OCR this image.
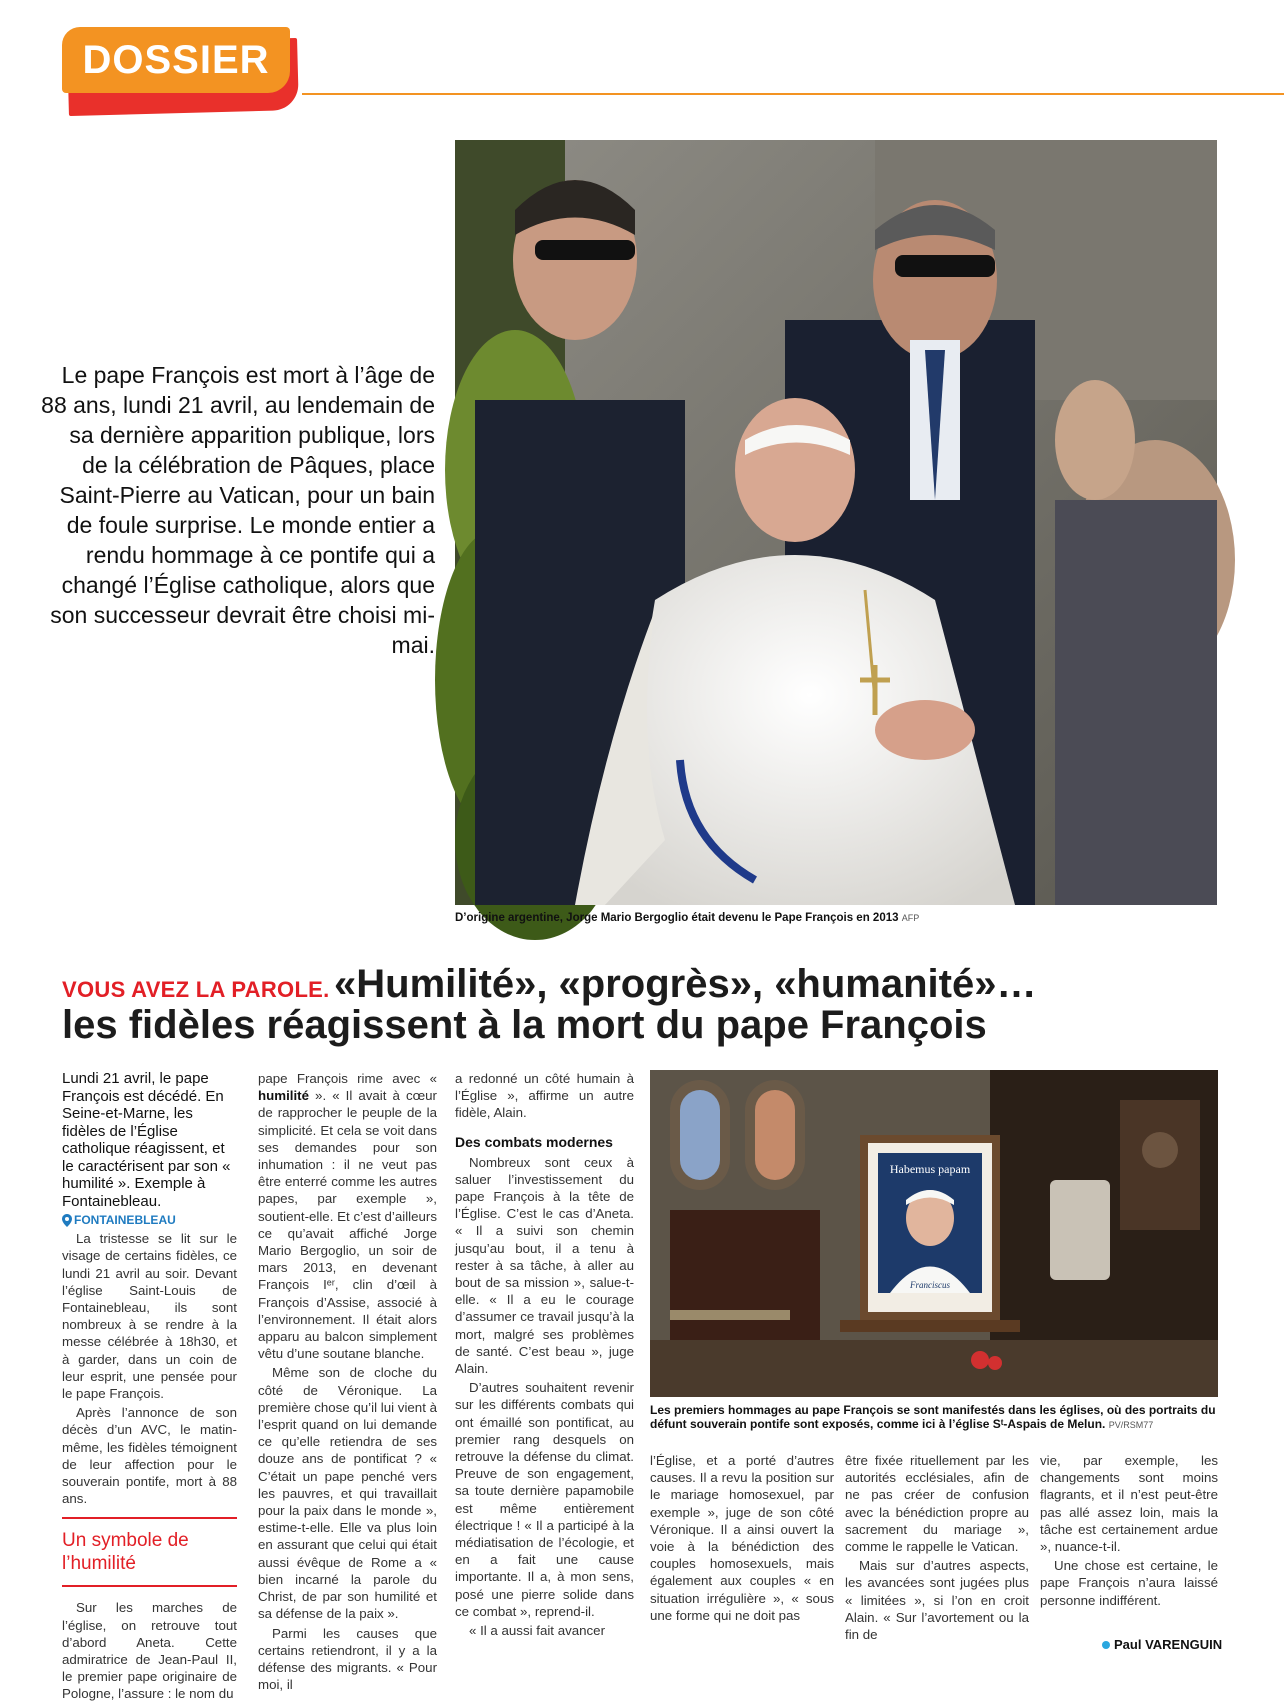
DOSSIER
Le pape François est mort à l’âge de 88 ans, lundi 21 avril, au lendemain de sa dernière apparition publique, lors de la célébration de Pâques, place Saint-Pierre au Vatican, pour un bain de foule surprise. Le monde entier a rendu hommage à ce pontife qui a changé l’Église catholique, alors que son successeur devrait être choisi mi-mai.
D’origine argentine, Jorge Mario Bergoglio était devenu le Pape François en 2013 AFP
VOUS AVEZ LA PAROLE. «Humilité», «progrès», «humanité»…
les fidèles réagissent à la mort du pape François

Lundi 21 avril, le pape François est décédé. En Seine-et-Marne, les fidèles de l’Église catholique réagissent, et le caractérisent par son « humilité ». Exemple à Fontainebleau.

FONTAINEBLEAU

La tristesse se lit sur le visage de certains fidèles, ce lundi 21 avril au soir. Devant l’église Saint-Louis de Fontainebleau, ils sont nombreux à se rendre à la messe célébrée à 18h30, et à garder, dans un coin de leur esprit, une pensée pour le pape François.

Après l’annonce de son décès d’un AVC, le matin-même, les fidèles témoignent de leur affection pour le souverain pontife, mort à 88 ans.

Un symbole de l’humilité

Sur les marches de l’église, on retrouve tout d’abord Aneta. Cette admiratrice de Jean-Paul II, le premier pape originaire de Pologne, l’assure : le nom du

pape François rime avec « humilité ». « Il avait à cœur de rapprocher le peuple de la simplicité. Et cela se voit dans ses demandes pour son inhumation : il ne veut pas être enterré comme les autres papes, par exemple », soutient-elle. Et c’est d’ailleurs ce qu’avait affiché Jorge Mario Bergoglio, un soir de mars 2013, en devenant François Iᵉʳ, clin d’œil à François d’Assise, associé à l’environnement. Il était alors apparu au balcon simplement vêtu d’une soutane blanche.

Même son de cloche du côté de Véronique. La première chose qu’il lui vient à l’esprit quand on lui demande ce qu’elle retiendra de ses douze ans de pontificat ? « C’était un pape penché vers les pauvres, et qui travaillait pour la paix dans le monde », estime-t-elle. Elle va plus loin en assurant que celui qui était aussi évêque de Rome a « bien incarné la parole du Christ, de par son humilité et sa défense de la paix ».

Parmi les causes que certains retiendront, il y a la défense des migrants. « Pour moi, il

a redonné un côté humain à l’Église », affirme un autre fidèle, Alain.

Des combats modernes

Nombreux sont ceux à saluer l’investissement du pape François à la tête de l’Église. C’est le cas d’Aneta. « Il a suivi son chemin jusqu’au bout, il a tenu à rester à sa tâche, à aller au bout de sa mission », salue-t-elle. « Il a eu le courage d’assumer ce travail jusqu’à la mort, malgré ses problèmes de santé. C’est beau », juge Alain.

D’autres souhaitent revenir sur les différents combats qui ont émaillé son pontificat, au premier rang desquels on retrouve la défense du climat. Preuve de son engagement, sa toute dernière papamobile est même entièrement électrique ! « Il a participé à la médiatisation de l’écologie, et en a fait une cause importante. Il a, à mon sens, posé une pierre solide dans ce combat », reprend-il.

« Il a aussi fait avancer

Habemus papam
Franciscus
Les premiers hommages au pape François se sont manifestés dans les églises, où des portraits du défunt souverain pontife sont exposés, comme ici à l’église Sᵗ-Aspais de Melun. PV/RSM77

l’Église, et a porté d’autres causes. Il a revu la position sur le mariage homosexuel, par exemple », juge de son côté Véronique. Il a ainsi ouvert la voie à la bénédiction des couples homosexuels, mais également aux couples « en situation irrégulière », « sous une forme qui ne doit pas

être fixée rituellement par les autorités ecclésiales, afin de ne pas créer de confusion avec la bénédiction propre au sacrement du mariage », comme le rappelle le Vatican.

Mais sur d’autres aspects, les avancées sont jugées plus « limitées », si l’on en croit Alain. « Sur l’avortement ou la fin de

vie, par exemple, les changements sont moins flagrants, et il n’est peut-être pas allé assez loin, mais la tâche est certainement ardue », nuance-t-il.

Une chose est certaine, le pape François n’aura laissé personne indifférent.

Paul VARENGUIN
